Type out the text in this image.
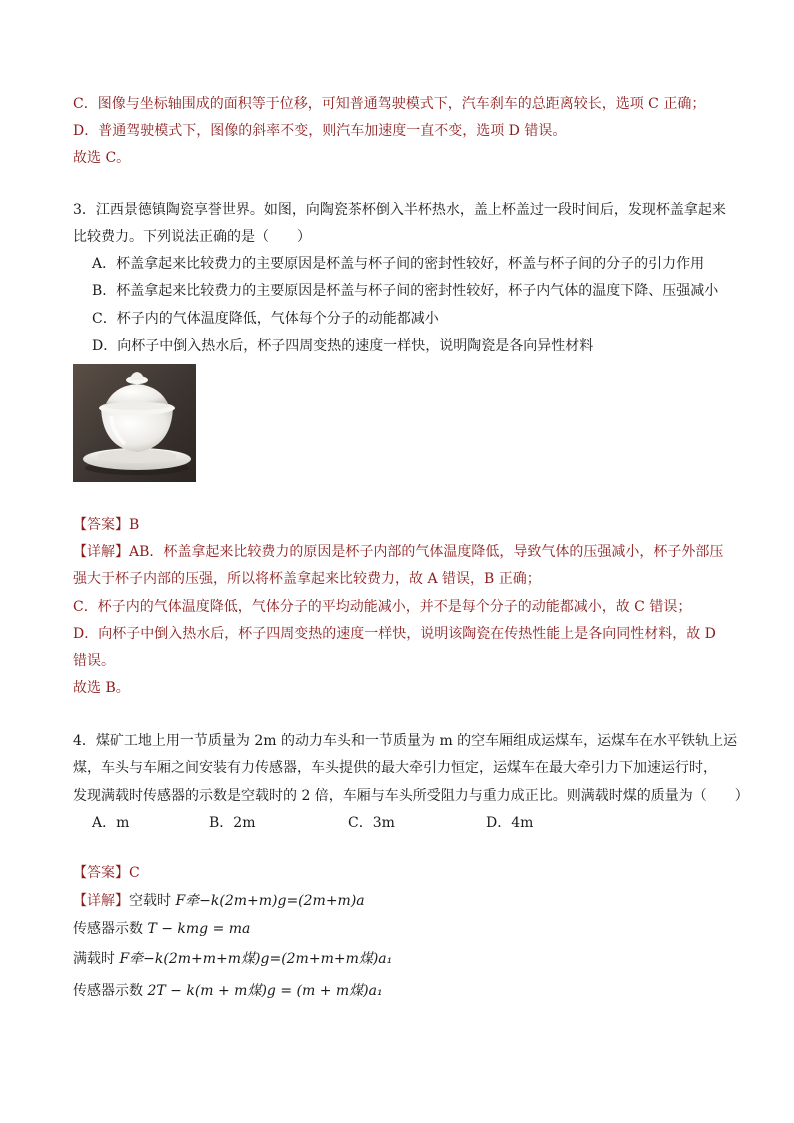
C．图像与坐标轴围成的面积等于位移，可知普通驾驶模式下，汽车刹车的总距离较长，选项 C 正确；
D．普通驾驶模式下，图像的斜率不变，则汽车加速度一直不变，选项 D 错误。
故选 C。
3．江西景德镇陶瓷享誉世界。如图，向陶瓷茶杯倒入半杯热水，盖上杯盖过一段时间后，发现杯盖拿起来
比较费力。下列说法正确的是（　　）
A．杯盖拿起来比较费力的主要原因是杯盖与杯子间的密封性较好，杯盖与杯子间的分子的引力作用
B．杯盖拿起来比较费力的主要原因是杯盖与杯子间的密封性较好，杯子内气体的温度下降、压强减小
C．杯子内的气体温度降低，气体每个分子的动能都减小
D．向杯子中倒入热水后，杯子四周变热的速度一样快，说明陶瓷是各向异性材料
【答案】B
【详解】AB．杯盖拿起来比较费力的原因是杯子内部的气体温度降低，导致气体的压强减小，杯子外部压
强大于杯子内部的压强，所以将杯盖拿起来比较费力，故 A 错误，B 正确；
C．杯子内的气体温度降低，气体分子的平均动能减小，并不是每个分子的动能都减小，故 C 错误；
D．向杯子中倒入热水后，杯子四周变热的速度一样快，说明该陶瓷在传热性能上是各向同性材料，故 D
错误。
故选 B。
4．煤矿工地上用一节质量为 2m 的动力车头和一节质量为 m 的空车厢组成运煤车，运煤车在水平铁轨上运
煤，车头与车厢之间安装有力传感器，车头提供的最大牵引力恒定，运煤车在最大牵引力下加速运行时，
发现满载时传感器的示数是空载时的 2 倍，车厢与车头所受阻力与重力成正比。则满载时煤的质量为（　　）
A．m	B．2m	C．3m	D．4m
【答案】C
【详解】空载时 F牵−k(2m+m)g=(2m+m)a
传感器示数 T − kmg = ma
满载时 F牵−k(2m+m+m煤)g=(2m+m+m煤)a₁
传感器示数 2T − k(m + m煤)g = (m + m煤)a₁
